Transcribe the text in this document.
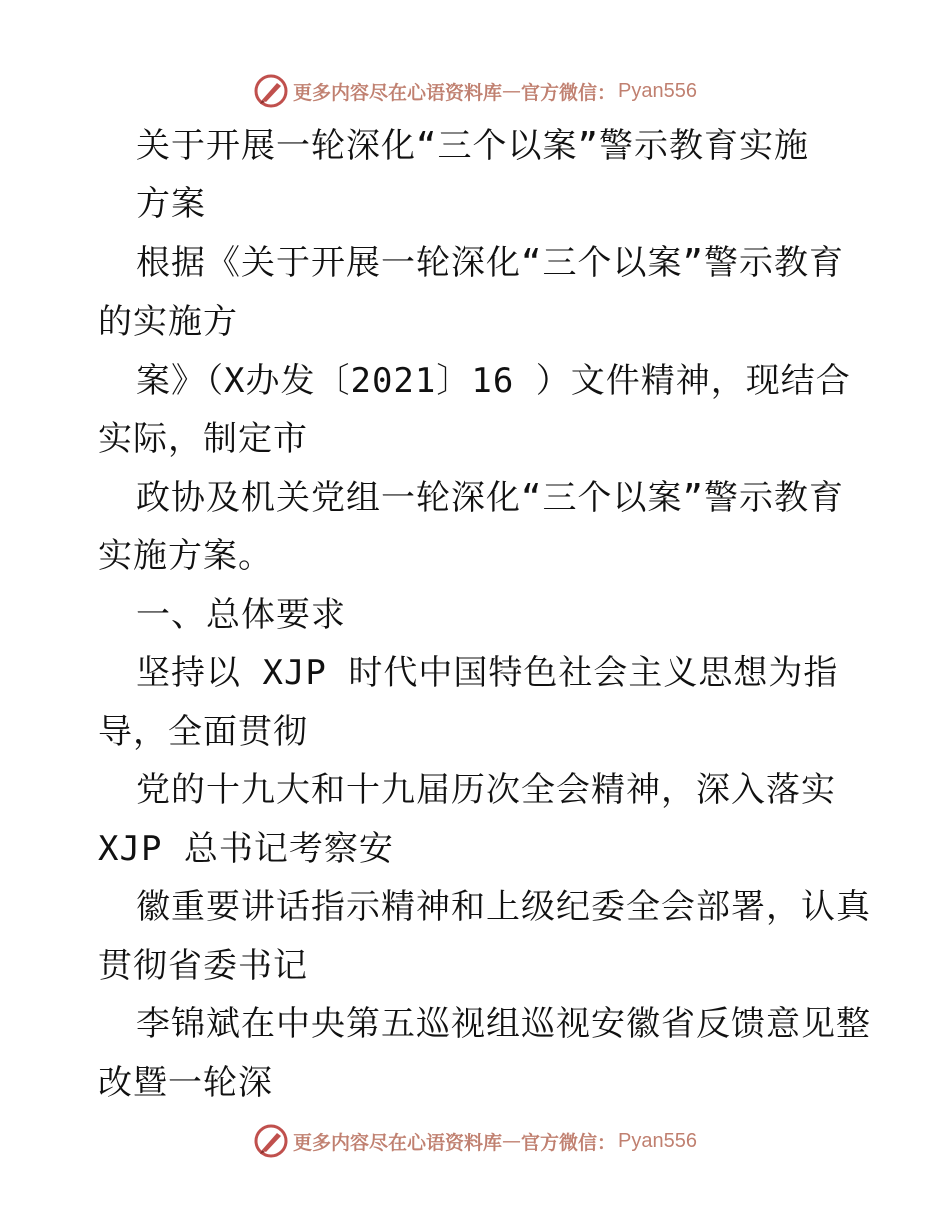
更多内容尽在心语资料库 — 官方微信： Pyan556
关于开展一轮深化“三个以案”警示教育实施
方案
根据《关于开展一轮深化“三个以案”警示教育
的实施方
案》（X办发〔2021〕16 ）文件精神，现结合
实际，制定市
政协及机关党组一轮深化“三个以案”警示教育
实施方案。
一、总体要求
坚持以 XJP 时代中国特色社会主义思想为指
导，全面贯彻
党的十九大和十九届历次全会精神，深入落实
XJP 总书记考察安
徽重要讲话指示精神和上级纪委全会部署，认真
贯彻省委书记
李锦斌在中央第五巡视组巡视安徽省反馈意见整
改暨一轮深
更多内容尽在心语资料库 — 官方微信： Pyan556
